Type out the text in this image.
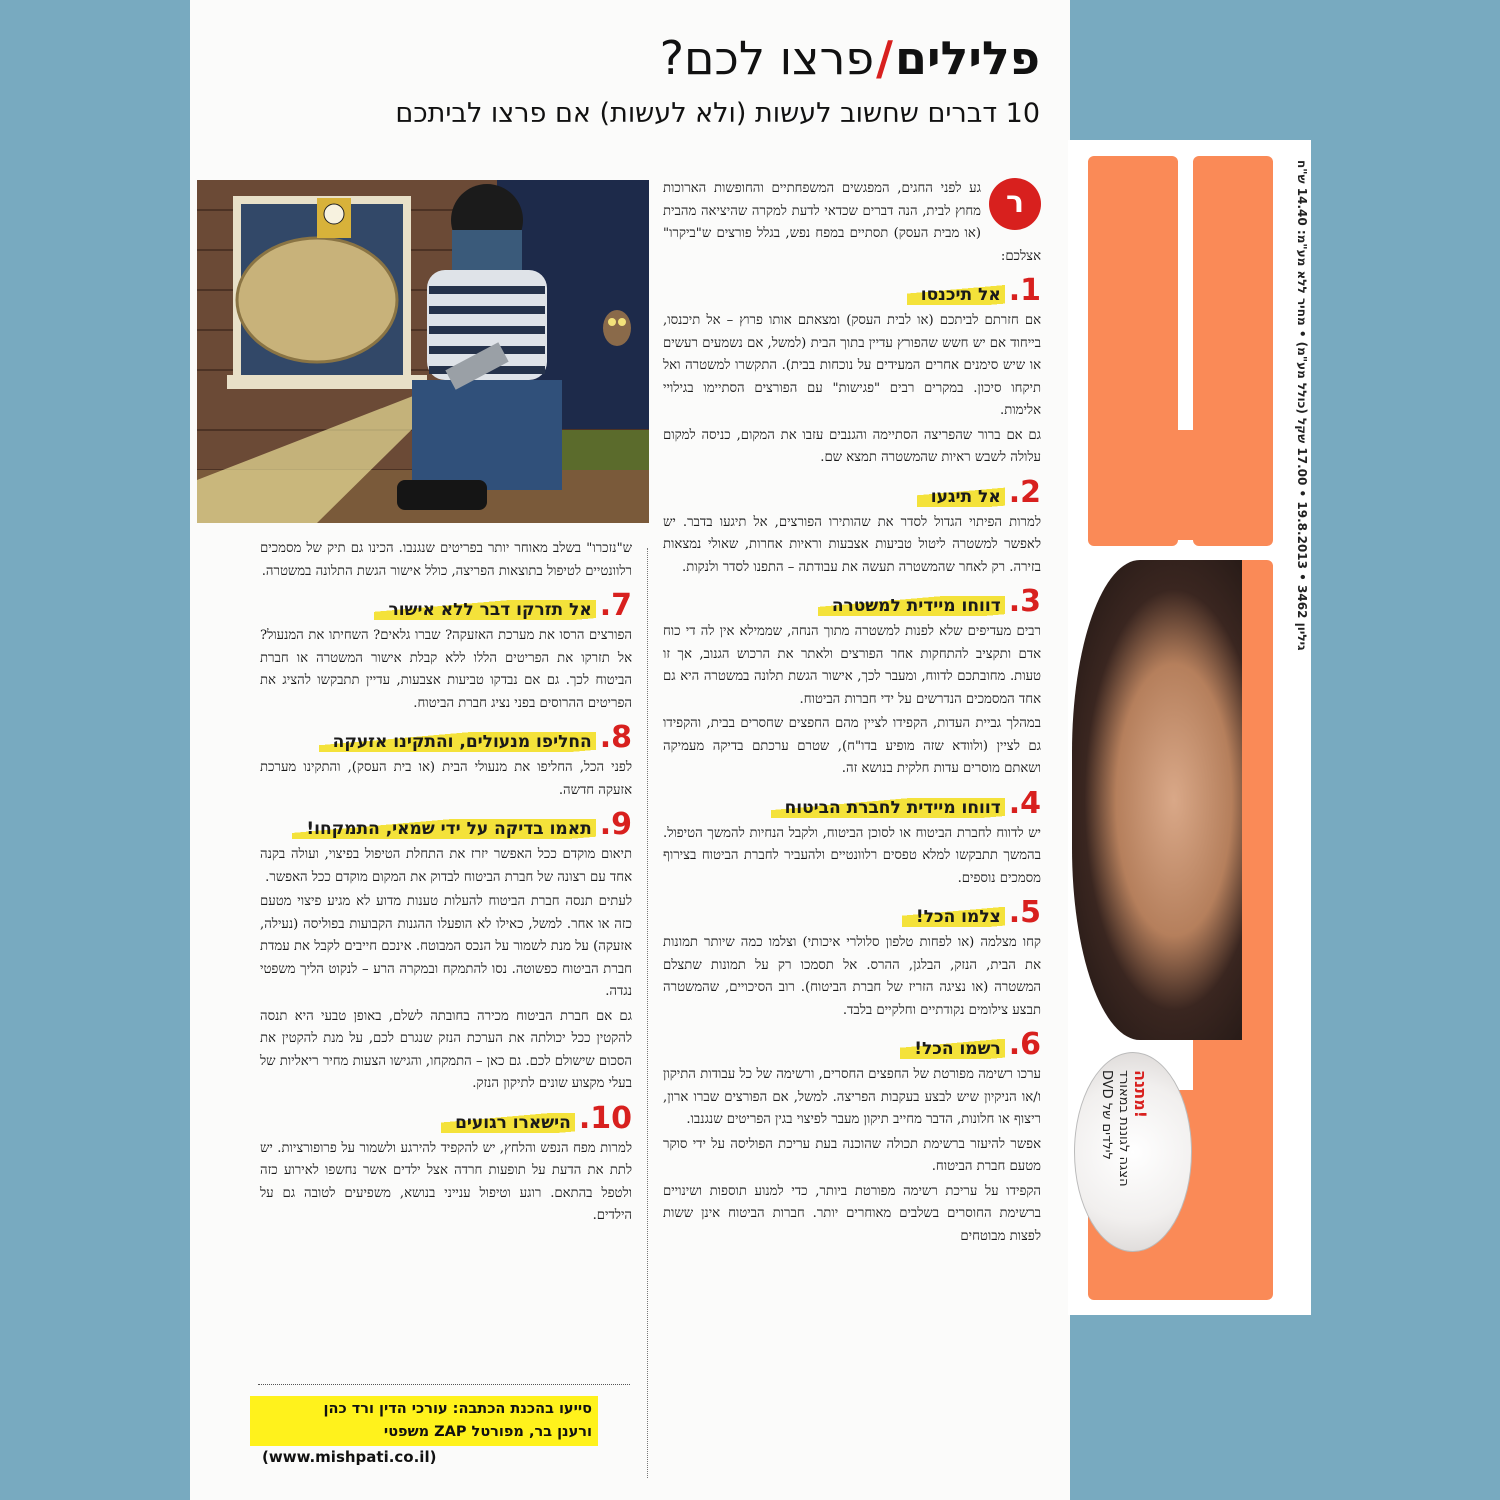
מתנה!
הצגה לגוננת במאורד
DVD לילדים של
גיליון 3462 • 19.8.2013 • 17.00 שקל (כולל מע"מ) • מחיר ללא מע"מ: 14.40 ש"ח
פלילים/פרצו לכם?
10 דברים שחשוב לעשות (ולא לעשות) אם פרצו לביתכם
ר
גע לפני החגים, המפגשים המשפחתיים והחופשות הארוכות מחוץ לבית, הנה דברים שכדאי לדעת למקרה שהיציאה מהבית (או מבית העסק) תסתיים במפח נפש, בגלל פורצים ש"ביקרו" אצלכם:
1.אל תיכנסו

אם חזרתם לביתכם (או לבית העסק) ומצאתם אותו פרוץ – אל תיכנסו, בייחוד אם יש חשש שהפורץ עדיין בתוך הבית (למשל, אם נשמעים רעשים או שיש סימנים אחרים המעידים על נוכחות בבית). התקשרו למשטרה ואל תיקחו סיכון. במקרים רבים "פגישות" עם הפורצים הסתיימו בגילויי אלימות.

גם אם ברור שהפריצה הסתיימה והגנבים עזבו את המקום, כניסה למקום עלולה לשבש ראיות שהמשטרה תמצא שם.

2.אל תיגעו

למרות הפיתוי הגדול לסדר את שהותירו הפורצים, אל תיגעו בדבר. יש לאפשר למשטרה ליטול טביעות אצבעות וראיות אחרות, שאולי נמצאות בזירה. רק לאחר שהמשטרה תעשה את עבודתה – התפנו לסדר ולנקות.

3.דווחו מיידית למשטרה

רבים מעדיפים שלא לפנות למשטרה מתוך הנחה, שממילא אין לה די כוח אדם ותקציב להתחקות אחר הפורצים ולאתר את הרכוש הגנוב, אך זו טעות. מחובתכם לדווח, ומעבר לכך, אישור הגשת תלונה במשטרה היא גם אחד המסמכים הנדרשים על ידי חברות הביטוח.

במהלך גביית העדות, הקפידו לציין מהם החפצים שחסרים בבית, והקפידו גם לציין (ולוודא שזה מופיע בדו"ח), שטרם ערכתם בדיקה מעמיקה ושאתם מוסרים עדות חלקית בנושא זה.

4.דווחו מיידית לחברת הביטוח

יש לדווח לחברת הביטוח או לסוכן הביטוח, ולקבל הנחיות להמשך הטיפול. בהמשך תתבקשו למלא טפסים רלוונטיים ולהעביר לחברת הביטוח בצירוף מסמכים נוספים.

5.צלמו הכל!

קחו מצלמה (או לפחות טלפון סלולרי איכותי) וצלמו כמה שיותר תמונות את הבית, הנזק, הבלגן, ההרס. אל תסמכו רק על תמונות שתצלם המשטרה (או נציגה הזריז של חברת הביטוח). רוב הסיכויים, שהמשטרה תבצע צילומים נקודתיים וחלקיים בלבד.

6.רשמו הכל!

ערכו רשימה מפורטת של החפצים החסרים, ורשימה של כל עבודות התיקון ו/או הניקיון שיש לבצע בעקבות הפריצה. למשל, אם הפורצים שברו ארון, ריצוף או חלונות, הדבר מחייב תיקון מעבר לפיצוי בגין הפריטים שנגנבו.

אפשר להיעזר ברשימת תכולה שהוכנה בעת עריכת הפוליסה על ידי סוקר מטעם חברת הביטוח.

הקפידו על עריכת רשימה מפורטת ביותר, כדי למנוע תוספות ושינויים ברשימת החוסרים בשלבים מאוחרים יותר. חברות הביטוח אינן ששות לפצות מבוטחים

ש"נזכרו" בשלב מאוחר יותר בפריטים שנגנבו. הכינו גם תיק של מסמכים רלוונטיים לטיפול בתוצאות הפריצה, כולל אישור הגשת התלונה במשטרה.

7.אל תזרקו דבר ללא אישור

הפורצים הרסו את מערכת האזעקה? שברו גלאים? השחיתו את המנעול? אל תזרקו את הפריטים הללו ללא קבלת אישור המשטרה או חברת הביטוח לכך. גם אם נבדקו טביעות אצבעות, עדיין תתבקשו להציג את הפריטים ההרוסים בפני נציג חברת הביטוח.

8.החליפו מנעולים, והתקינו אזעקה

לפני הכל, החליפו את מנעולי הבית (או בית העסק), והתקינו מערכת אזעקה חדשה.

9.תאמו בדיקה על ידי שמאי, התמקחו!

תיאום מוקדם ככל האפשר יזרז את התחלת הטיפול בפיצוי, ועולה בקנה אחד עם רצונה של חברת הביטוח לבדוק את המקום מוקדם ככל האפשר.

לעתים תנסה חברת הביטוח להעלות טענות מדוע לא מגיע פיצוי מטעם כזה או אחר. למשל, כאילו לא הופעלו ההגנות הקבועות בפוליסה (נעילה, אזעקה) על מנת לשמור על הנכס המבוטח. אינכם חייבים לקבל את עמדת חברת הביטוח כפשוטה. נסו להתמקח ובמקרה הרע – לנקוט הליך משפטי נגדה.

גם אם חברת הביטוח מכירה בחובתה לשלם, באופן טבעי היא תנסה להקטין ככל יכולתה את הערכת הנזק שנגרם לכם, על מנת להקטין את הסכום שישולם לכם. גם כאן – התמקחו, והגישו הצעות מחיר ריאליות של בעלי מקצוע שונים לתיקון הנזק.

10.הישארו רגועים

למרות מפח הנפש והלחץ, יש להקפיד להירגע ולשמור על פרופורציות. יש לתת את הדעת על תופעות חרדה אצל ילדים אשר נחשפו לאירוע כזה ולטפל בהתאם. רוגע וטיפול ענייני בנושא, משפיעים לטובה גם על הילדים.

סייעו בהכנת הכתבה: עורכי הדין ורד כהן
ורענן בר, מפורטל ZAP משפטי
(www.mishpati.co.il)
